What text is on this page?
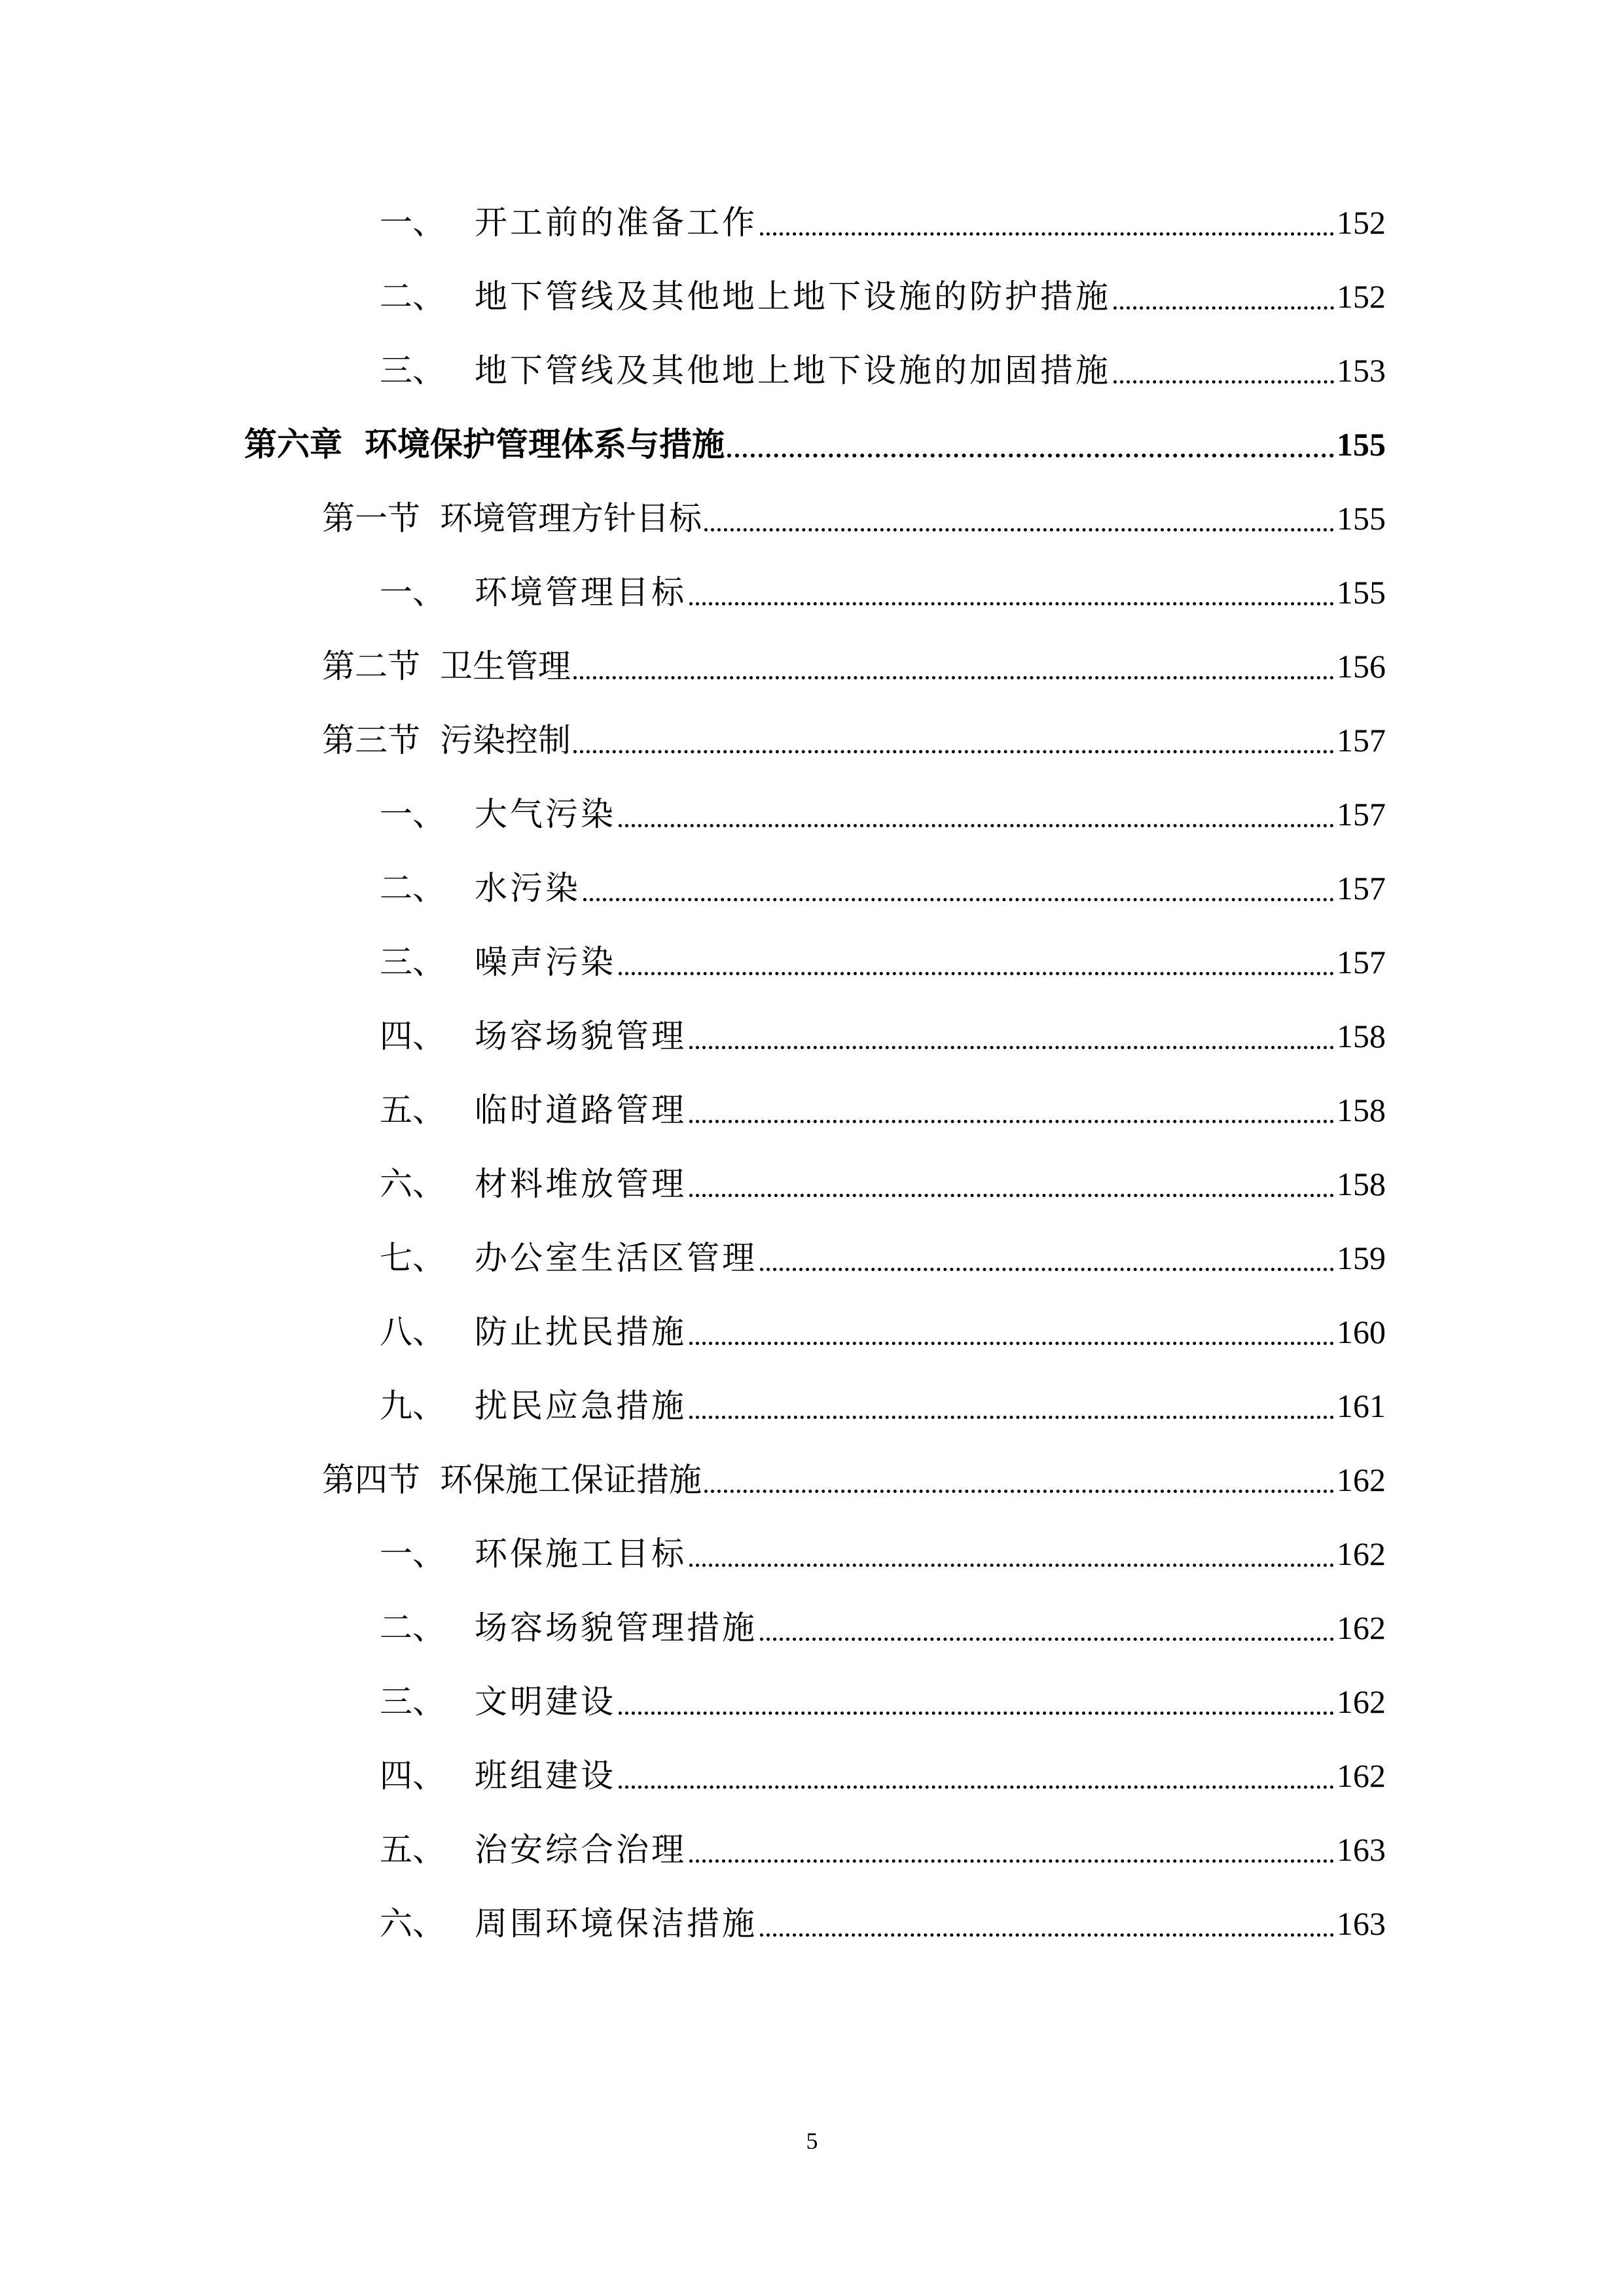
一、 开工前的准备工作	152
二、 地下管线及其他地上地下设施的防护措施	152
三、 地下管线及其他地上地下设施的加固措施	153
第六章 环境保护管理体系与措施	155
第一节 环境管理方针目标	155
一、 环境管理目标	155
第二节 卫生管理	156
第三节 污染控制	157
一、 大气污染	157
二、 水污染	157
三、 噪声污染	157
四、 场容场貌管理	158
五、 临时道路管理	158
六、 材料堆放管理	158
七、 办公室生活区管理	159
八、 防止扰民措施	160
九、 扰民应急措施	161
第四节 环保施工保证措施	162
一、 环保施工目标	162
二、 场容场貌管理措施	162
三、 文明建设	162
四、 班组建设	162
五、 治安综合治理	163
六、 周围环境保洁措施	163
5
